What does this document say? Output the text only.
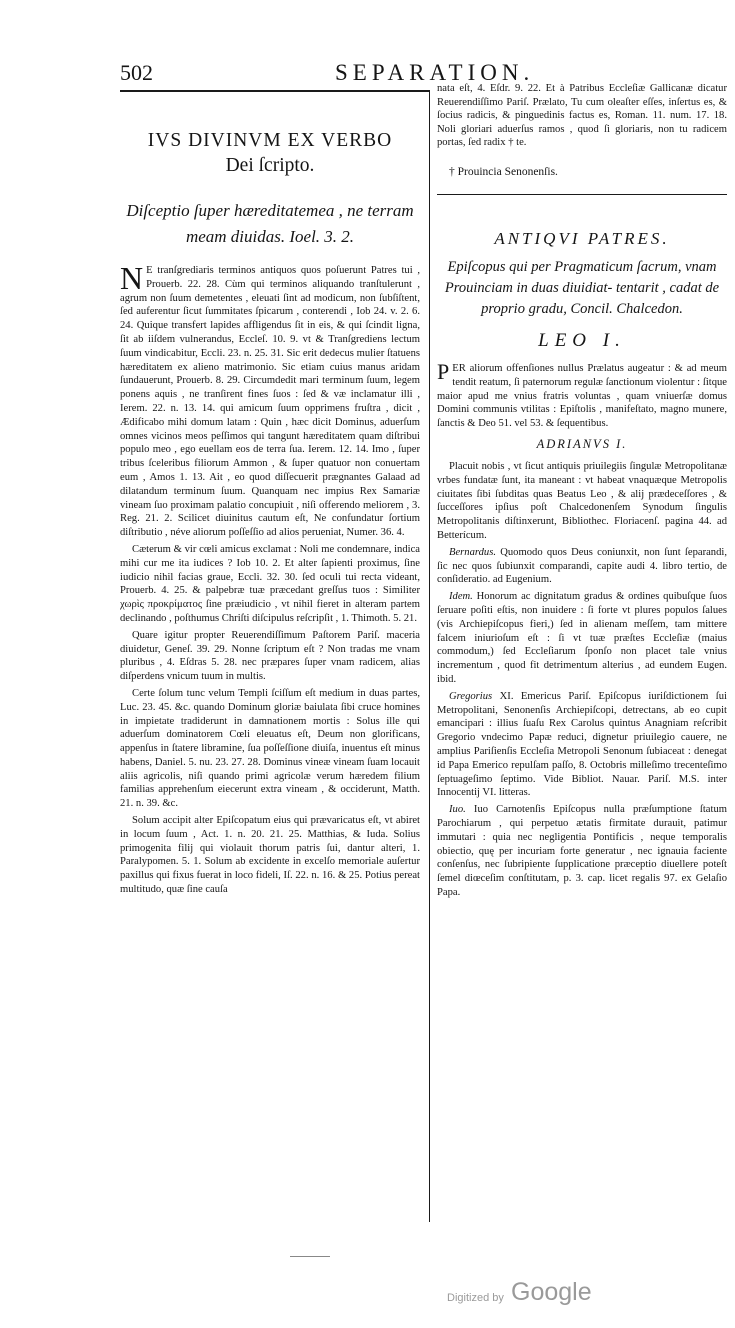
502	SEPARATION.
IVS DIVINVM EX VERBO
Dei ſcripto.
Diſceptio ſuper hæreditatemea , ne terram meam diuidas. Ioel. 3. 2.

N E tranſgrediaris terminos antiquos quos poſuerunt Patres tui , Prouerb. 22. 28. Cùm qui terminos aliquando tranſtulerunt , agrum non ſuum demetentes , eleuati ſint ad modicum, non ſubſiſtent, ſed auferentur ſicut ſummitates ſpicarum , conterendi , Iob 24. v. 2. 6. 24. Quique transfert lapides affligendus ſit in eis, & qui ſcindit ligna, ſit ab iiſdem vulnerandus, Eccleſ. 10. 9. vt & Tranſgrediens lectum ſuum vindicabitur, Eccli. 23. n. 25. 31. Sic erit dedecus mulier ſtatuens hæreditatem ex alieno matrimonio. Sic etiam cuius manus aridam ſundauerunt, Prouerb. 8. 29. Circumdedit mari terminum ſuum, legem ponens aquis , ne tranſirent fines ſuos : ſed & væ inclamatur illi , Ierem. 22. n. 13. 14. qui amicum ſuum opprimens fruſtra , dicit , Ædificabo mihi domum latam : Quin , hæc dicit Dominus, aduerſum omnes vicinos meos peſſimos qui tangunt hæreditatem quam diſtribui populo meo , ego euellam eos de terra ſua. Ierem. 12. 14. Imo , ſuper tribus ſceleribus filiorum Ammon , & ſuper quatuor non conuertam eum , Amos 1. 13. Ait , eo quod diſſecuerit prægnantes Galaad ad dilatandum terminum ſuum. Quanquam nec impius Rex Samariæ vineam ſuo proximam palatio concupiuit , niſi offerendo meliorem , 3. Reg. 21. 2. Scilicet diuinitus cautum eſt, Ne confundatur ſortium diſtributio , néve aliorum poſſeſſio ad alios perueniat, Numer. 36. 4.

Cæterum & vir cœli amicus exclamat : Noli me condemnare, indica mihi cur me ita iudices ? Iob 10. 2. Et alter ſapienti proximus, ſine iudicio nihil facias graue, Eccli. 32. 30. ſed oculi tui recta videant, Prouerb. 4. 25. & palpebræ tuæ præcedant greſſus tuos : Similiter χωρὶς προκρίματος ſine præiudicio , vt nihil fieret in alteram partem declinando , poſthumus Chriſti diſcipulus reſcripſit , 1. Thimoth. 5. 21.

Quare igitur propter Reuerendiſſimum Paſtorem Pariſ. maceria diuidetur, Geneſ. 39. 29. Nonne ſcriptum eſt ? Non tradas me vnam pluribus , 4. Eſdras 5. 28. nec præpares ſuper vnam radicem, alias diſperdens vnicum tuum in multis.

Certe ſolum tunc velum Templi ſciſſum eſt medium in duas partes, Luc. 23. 45. &c. quando Dominum gloriæ baiulata ſibi cruce homines in impietate tradiderunt in damnationem mortis : Solus ille qui aduerſum dominatorem Cœli eleuatus eſt, Deum non glorificans, appenſus in ſtatere libramine, ſua poſſeſſione diuiſa, inuentus eſt minus habens, Daniel. 5. nu. 23. 27. 28. Dominus vineæ vineam ſuam locauit aliis agricolis, niſi quando primi agricolæ verum hæredem filium familias apprehenſum eiecerunt extra vineam , & occiderunt, Matth. 21. n. 39. &c.

Solum accipit alter Epiſcopatum eius qui prævaricatus eſt, vt abiret in locum ſuum , Act. 1. n. 20. 21. 25. Matthias, & Iuda. Solius primogenita filij qui violauit thorum patris ſui, dantur alteri, 1. Paralypomen. 5. 1. Solum ab excidente in excelſo memoriale auſertur paxillus qui fixus fuerat in loco fideli, Iſ. 22. n. 16. & 25. Potius pereat multitudo, quæ ſine cauſa

nata eſt, 4. Eſdr. 9. 22. Et à Patribus Eccleſiæ Gallicanæ dicatur Reuerendiſſimo Pariſ. Prælato, Tu cum oleaſter eſſes, inſertus es, & ſocius radicis, & pinguedinis factus es, Roman. 11. num. 17. 18. Noli gloriari aduerſus ramos , quod ſi gloriaris, non tu radicem portas, ſed radix † te.

† Prouincia Senonenſis.
ANTIQVI PATRES.
Epiſcopus qui per Pragmaticum ſacrum, vnam Prouinciam in duas diuidiat- tentarit , cadat de proprio gradu, Concil. Chalcedon.
LEO I.

P ER aliorum offenſiones nullus Prælatus augeatur : & ad meum tendit reatum, ſi paternorum regulæ ſanctionum violentur : ſitque maior apud me vnius fratris voluntas , quam vniuerſæ domus Domini communis vtilitas : Epiſtolis , manifeſtato, magno munere, ſanctis & Deo 51. vel 53. & ſequentibus.

ADRIANVS I.

Placuit nobis , vt ſicut antiquis priuilegiis ſingulæ Metropolitanæ vrbes fundatæ ſunt, ita maneant : vt habeat vnaquæque Metropolis ciuitates ſibi ſubditas quas Beatus Leo , & alij prædeceſſores , & ſucceſſores ipſius poſt Chalcedonenſem Synodum ſingulis Metropolitanis diſtinxerunt, Bibliothec. Floriacenſ. pagina 44. ad Betterícum.

Bernardus. Quomodo quos Deus coniunxit, non ſunt ſeparandi, ſic nec quos ſubiunxit comparandi, capite audi 4. libro tertio, de conſideratio. ad Eugenium.

Idem. Honorum ac dignitatum gradus & ordines quibuſque ſuos ſeruare poſiti eſtis, non inuidere : ſi forte vt plures populos ſalues (vis Archiepiſcopus fieri,) ſed in alienam meſſem, tam mittere falcem iniurioſum eſt : ſi vt tuæ præſtes Eccleſiæ (maius commodum,) ſed Eccleſiarum ſponſo non placet tale vnius incrementum , quod fit detrimentum alterius , ad eundem Eugen. ibid.

Gregorius XI. Emericus Pariſ. Epiſcopus iuriſdictionem ſui Metropolitani, Senonenſis Archiepiſcopi, detrectans, ab eo cupit emancipari : illius ſuaſu Rex Carolus quintus Anagniam reſcribit Gregorio vndecimo Papæ reduci, dignetur priuilegio cauere, ne amplius Pariſienſis Eccleſia Metropoli Senonum ſubiaceat : denegat id Papa Emerico repulſam paſſo, 8. Octobris milleſimo trecenteſimo ſeptuageſimo ſeptimo. Vide Bibliot. Nauar. Pariſ. M.S. inter Innocentij VI. litteras.

Iuo. Iuo Carnotenſis Epiſcopus nulla præſumptione ſtatum Parochiarum , qui perpetuo ætatis firmitate durauit, patimur immutari : quia nec negligentia Pontificis , neque temporalis obiectio, quę per incuriam forte generatur , nec ignauia faciente conſenſus, nec ſubripiente ſupplicatione præceptio diuellere poteſt ſemel diœceſim conſtitutam, p. 3. cap. licet regalis 97. ex Gelaſio Papa.

Digitized by Google
